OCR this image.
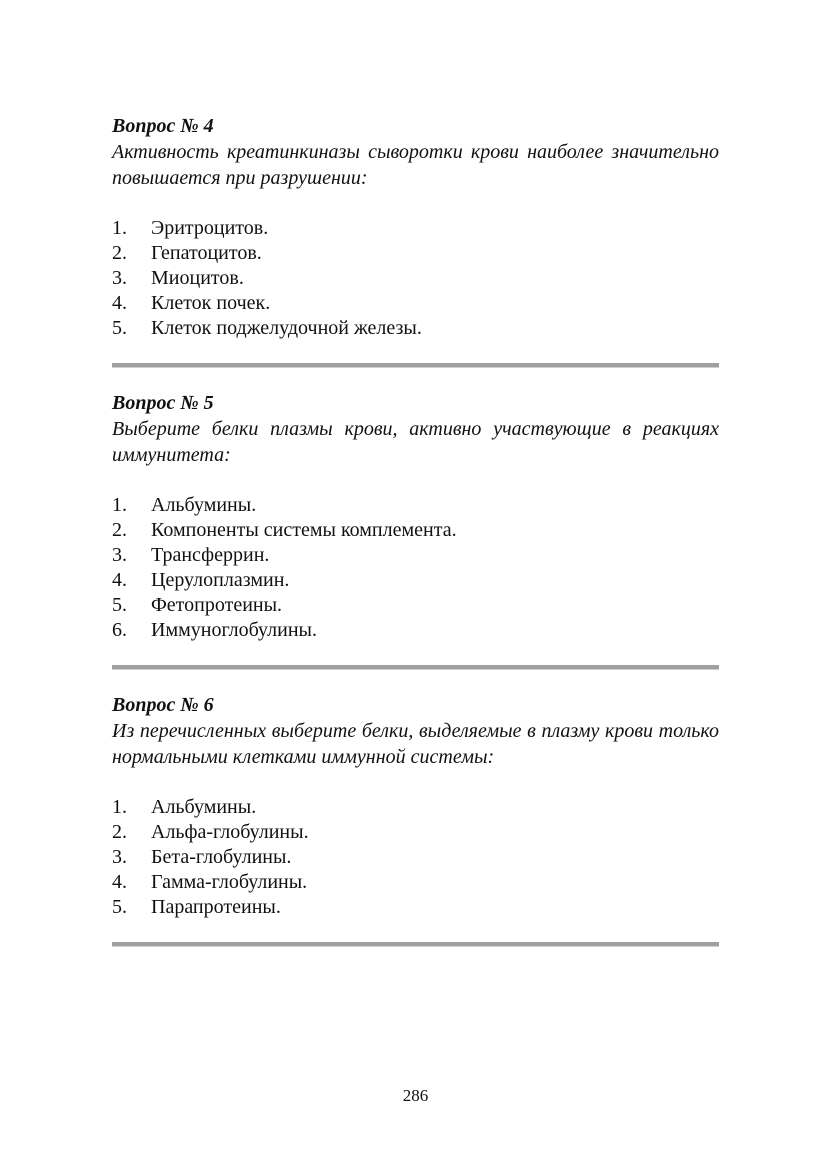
Вопрос № 4

Активность креатинкиназы сыворотки крови наиболее значительно повышается при разрушении:

1.	Эритроцитов.
2.	Гепатоцитов.
3.	Миоцитов.
4.	Клеток почек.
5.	Клеток поджелудочной железы.

Вопрос № 5

Выберите белки плазмы крови, активно участвующие в реакциях иммунитета:

1.	Альбумины.
2.	Компоненты системы комплемента.
3.	Трансферрин.
4.	Церулоплазмин.
5.	Фетопротеины.
6.	Иммуноглобулины.

Вопрос № 6

Из перечисленных выберите белки, выделяемые в плазму крови только нормальными клетками иммунной системы:

1.	Альбумины.
2.	Альфа-глобулины.
3.	Бета-глобулины.
4.	Гамма-глобулины.
5.	Парапротеины.
286
